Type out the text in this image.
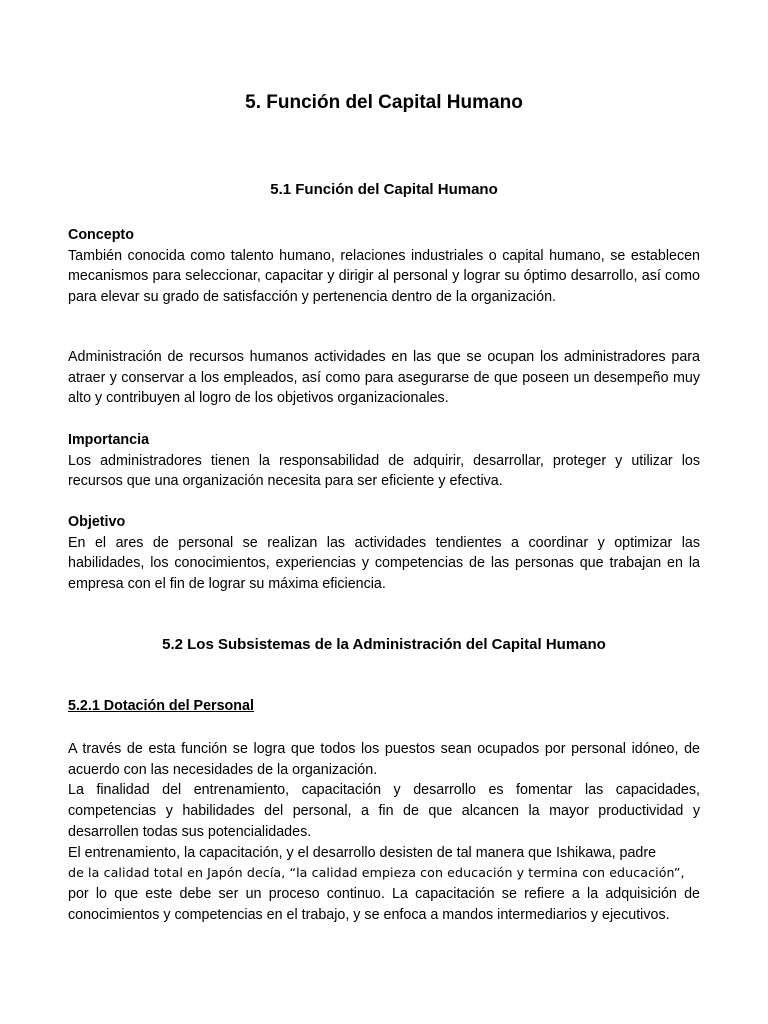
5. Función del Capital Humano
5.1 Función del Capital Humano
Concepto
También conocida como talento humano, relaciones industriales o capital humano, se establecen mecanismos para seleccionar, capacitar y dirigir al personal y lograr su óptimo desarrollo, así como para elevar su grado de satisfacción y pertenencia dentro de la organización.
Administración de recursos humanos actividades en las que se ocupan los administradores para atraer y conservar a los empleados, así como para asegurarse de que poseen un desempeño muy alto y contribuyen al logro de los objetivos organizacionales.
Importancia
Los administradores tienen la responsabilidad de adquirir, desarrollar, proteger y utilizar los recursos que una organización necesita para ser eficiente y efectiva.
Objetivo
En el ares de personal se realizan las actividades tendientes a coordinar y optimizar las habilidades, los conocimientos, experiencias y competencias de las personas que trabajan en la empresa con el fin de lograr su máxima eficiencia.
5.2 Los Subsistemas de la Administración del Capital Humano
5.2.1 Dotación del Personal
A través de esta función se logra que todos los puestos sean ocupados por personal idóneo, de acuerdo con las necesidades de la organización.
La finalidad del entrenamiento, capacitación y desarrollo es fomentar las capacidades, competencias y habilidades del personal, a fin de que alcancen la mayor productividad y desarrollen todas sus potencialidades.
El entrenamiento, la capacitación, y el desarrollo desisten de tal manera que Ishikawa, padre
de la calidad total en Japón decía, “la calidad empieza con educación y termina con educación”,
por lo que este debe ser un proceso continuo. La capacitación se refiere a la adquisición de conocimientos y competencias en el trabajo, y se enfoca a mandos intermediarios y ejecutivos.
